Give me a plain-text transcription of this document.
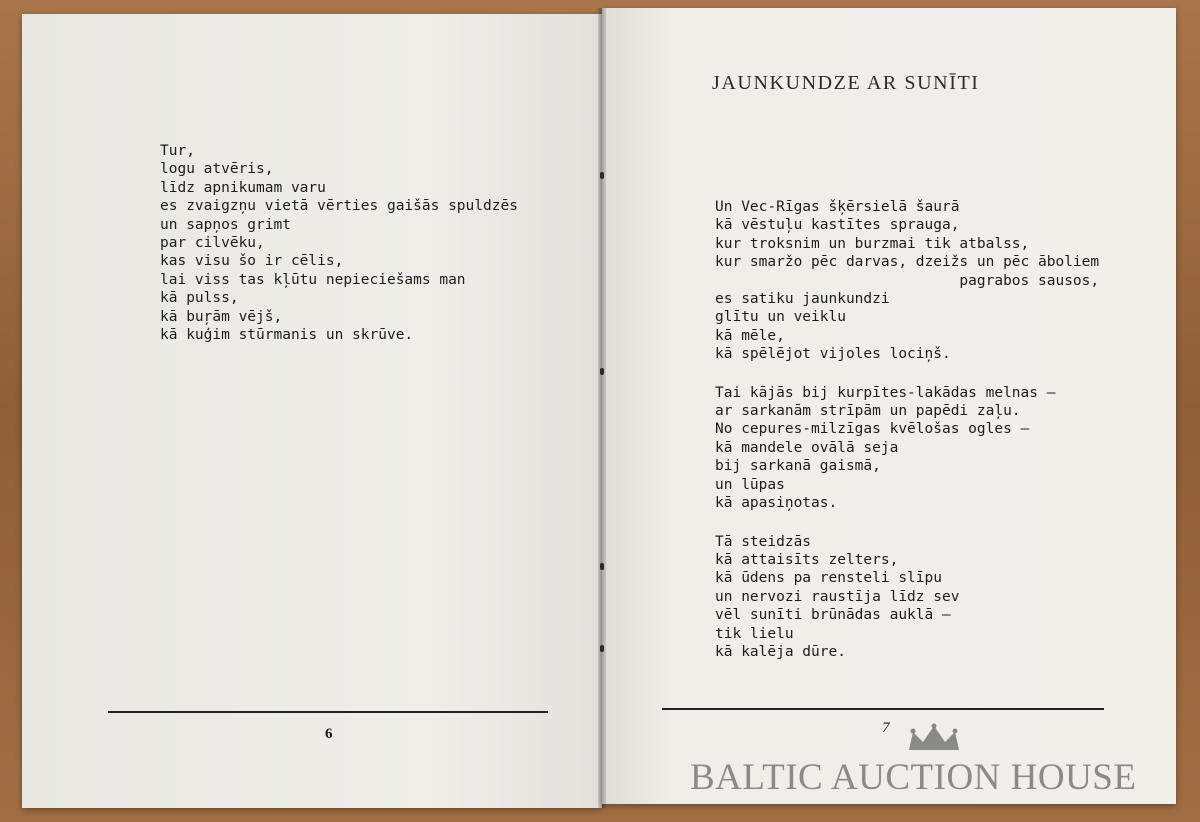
Tur,

logu atvēris,

līdz apnikumam varu

es zvaigzņu vietā vērties gaišās spuldzēs

un sapņos grimt

par cilvēku,

kas visu šo ir cēlis,

lai viss tas kļūtu nepieciešams man

kā pulss,

kā buŗām vējš,

kā kuģim stūrmanis un skrūve.

6
JAUNKUNDZE AR SUNĪTI

Un Vec-Rīgas šķērsielā šaurā

kā vēstuļu kastītes sprauga,

kur troksnim un burzmai tik atbalss,

kur smaržo pēc darvas, dzeižs un pēc āboliem

pagrabos sausos,

es satiku jaunkundzi

glītu un veiklu

kā mēle,

kā spēlējot vijoles lociņš.

Tai kājās bij kurpītes-lakādas melnas —

ar sarkanām strīpām un papēdi zaļu.

No cepures-milzīgas kvēlošas ogles —

kā mandele ovālā seja

bij sarkanā gaismā,

un lūpas

kā apasiņotas.

Tā steidzās

kā attaisīts zelters,

kā ūdens pa rensteli slīpu

un nervozi raustīja līdz sev

vēl sunīti brūnādas auklā —

tik lielu

kā kalēja dūre.

7
BALTIC AUCTION HOUSE
